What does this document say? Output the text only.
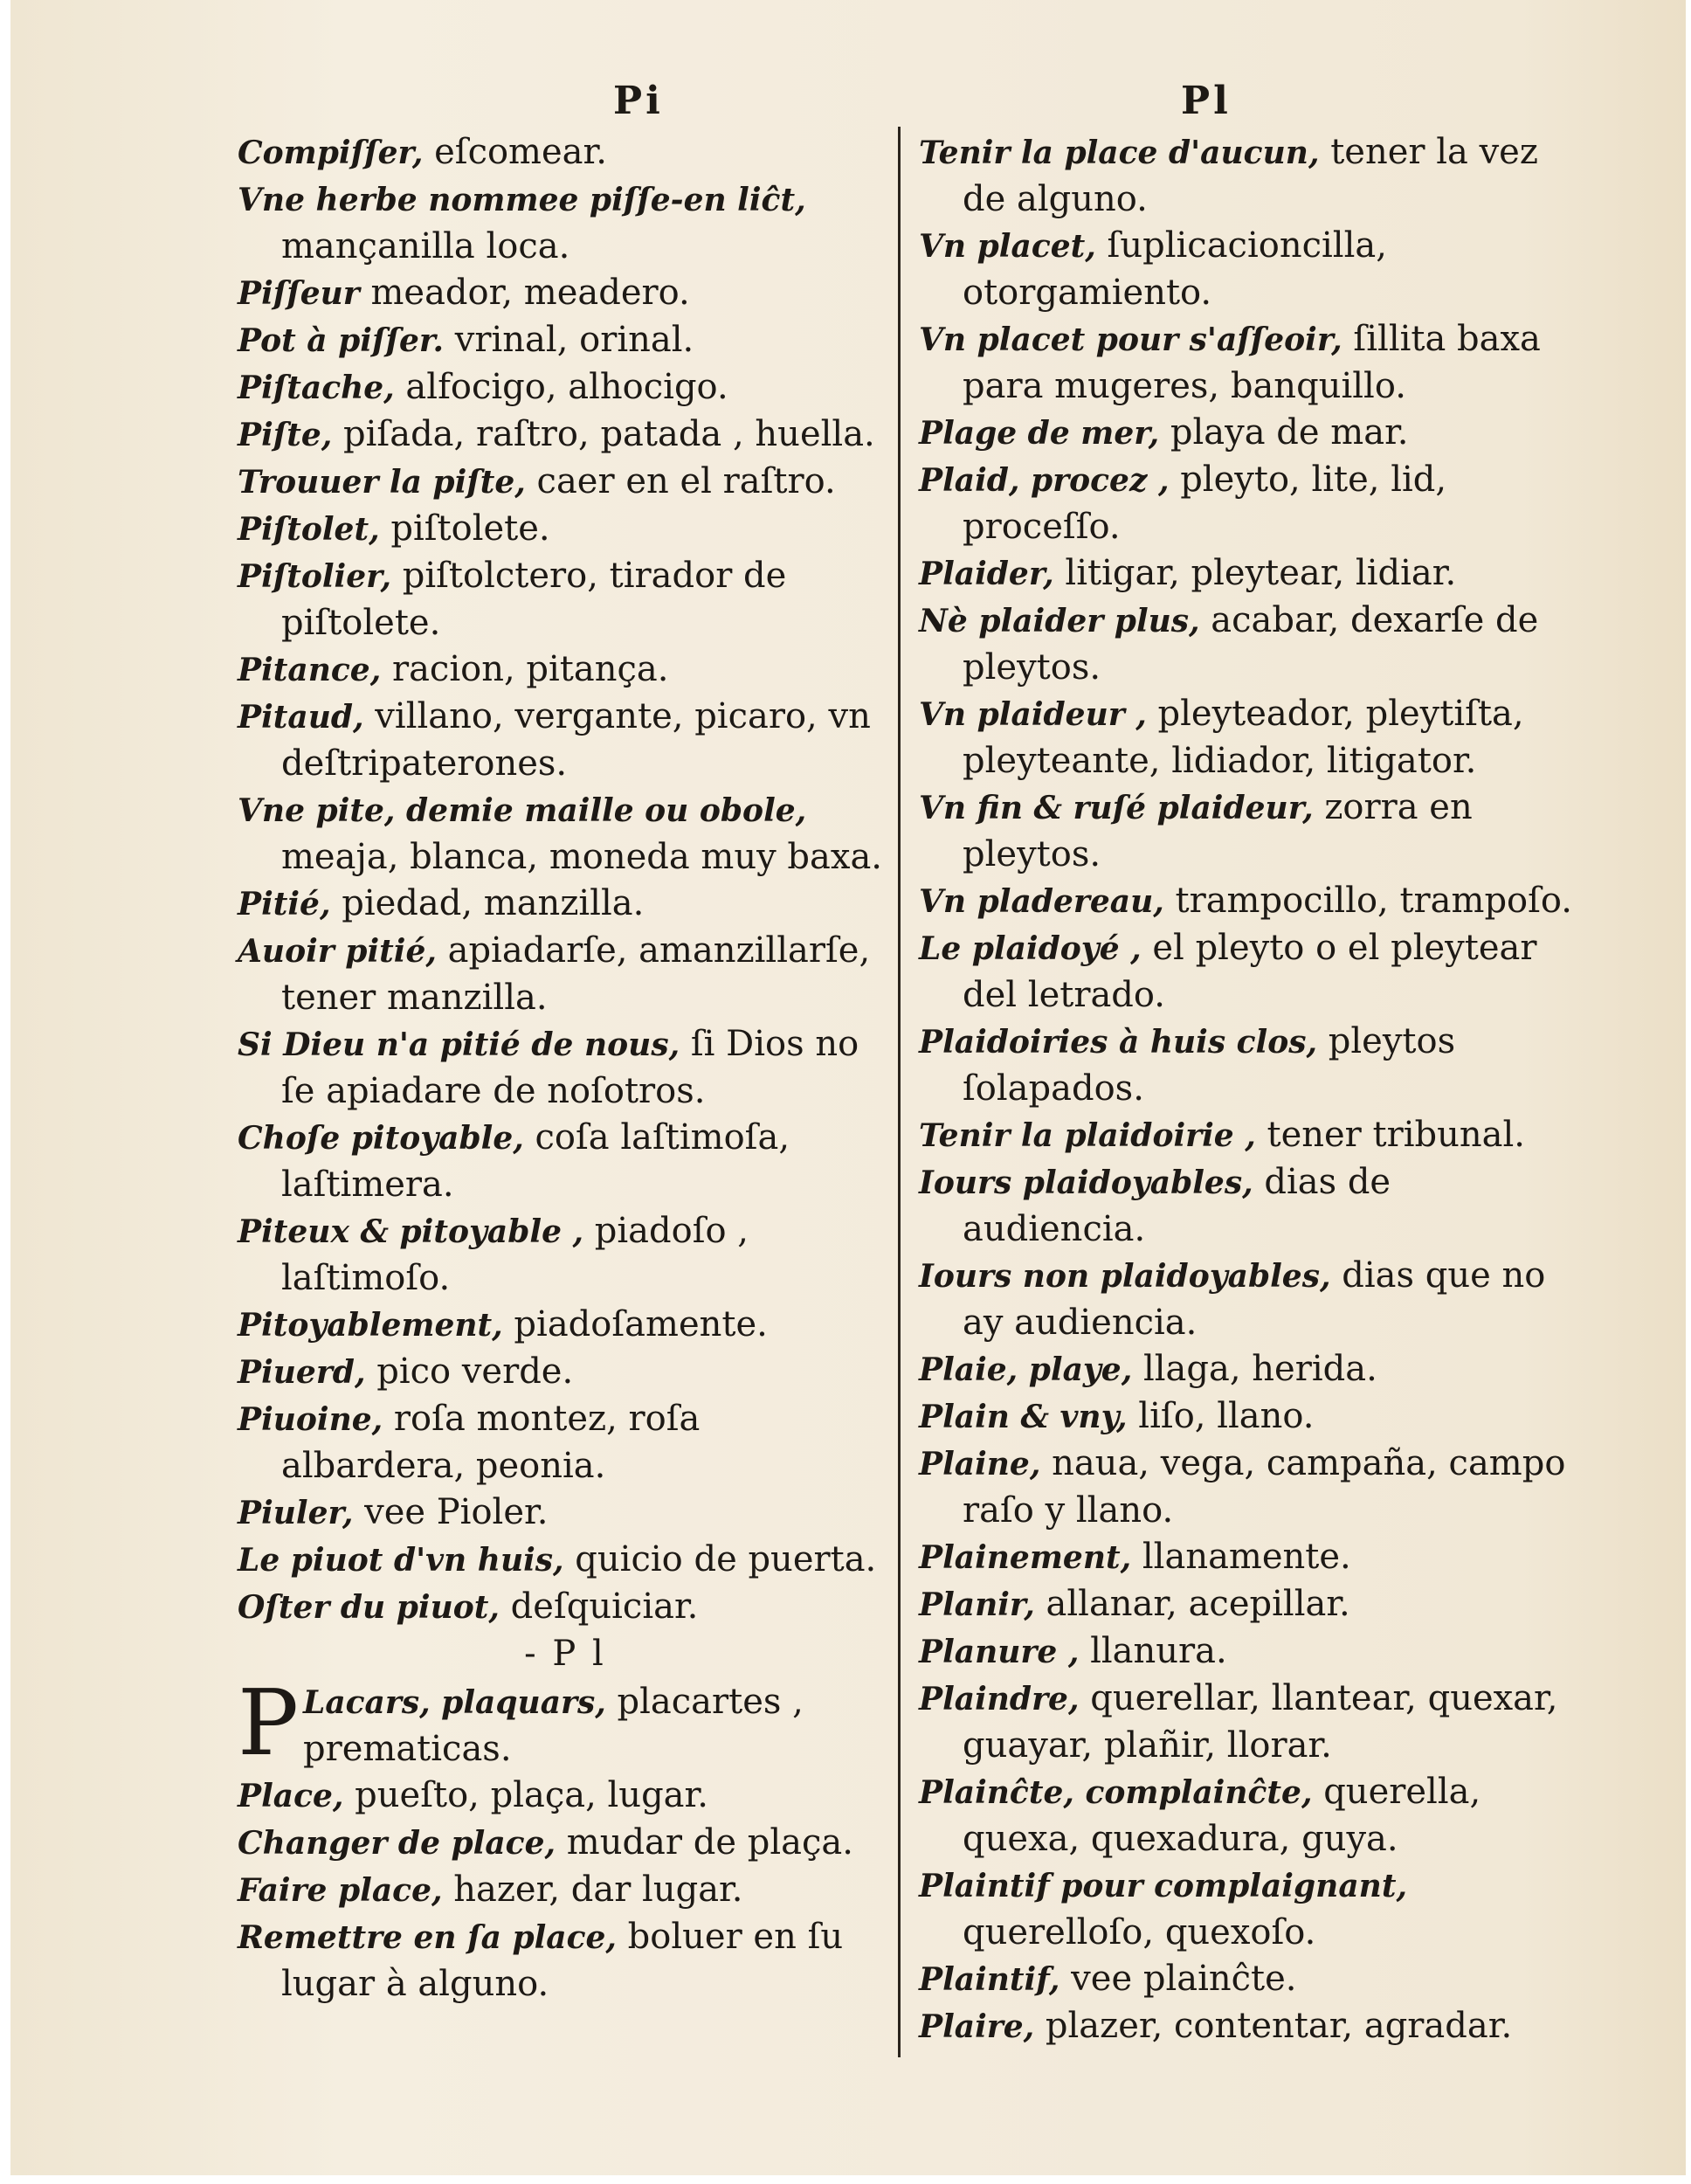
Pi	Pl

Compiſſer, eſcomear.

Vne herbe nommee piſſe-en liĉt, mançanilla loca.

Piſſeur meador, meadero.

Pot à piſſer. vrinal, orinal.

Piſtache, alfocigo, alhocigo.

Piſte, piſada, raſtro, patada , huella.

Trouuer la piſte, caer en el raſtro.

Piſtolet, piſtolete.

Piſtolier, piſtolctero, tirador de piſtolete.

Pitance, racion, pitança.

Pitaud, villano, vergante, picaro, vn deſtripaterones.

Vne pite, demie maille ou obole, meaja, blanca, moneda muy baxa.

Pitié, piedad, manzilla.

Auoir pitié, apiadarſe, amanzillarſe, tener manzilla.

Si Dieu n'a pitié de nous, ſi Dios no ſe apiadare de noſotros.

Choſe pitoyable, coſa laſtimoſa, laſtimera.

Piteux & pitoyable , piadoſo , laſtimoſo.

Pitoyablement, piadoſamente.

Piuerd, pico verde.

Piuoine, roſa montez, roſa albardera, peonia.

Piuler, vee Pioler.

Le piuot d'vn huis, quicio de puerta.

Oſter du piuot, deſquiciar.

- P l

P Lacars, plaquars, placartes , prematicas.

Place, pueſto, plaça, lugar.

Changer de place, mudar de plaça.

Faire place, hazer, dar lugar.

Remettre en ſa place, boluer en ſu lugar à alguno.

Tenir la place d'aucun, tener la vez de alguno.

Vn placet, ſuplicacioncilla, otorgamiento.

Vn placet pour s'aſſeoir, ſillita baxa para mugeres, banquillo.

Plage de mer, playa de mar.

Plaid, procez , pleyto, lite, lid, proceſſo.

Plaider, litigar, pleytear, lidiar.

Nè plaider plus, acabar, dexarſe de pleytos.

Vn plaideur , pleyteador, pleytiſta, pleyteante, lidiador, litigator.

Vn fin & ruſé plaideur, zorra en pleytos.

Vn pladereau, trampocillo, trampoſo.

Le plaidoyé , el pleyto o el pleytear del letrado.

Plaidoiries à huis clos, pleytos ſolapados.

Tenir la plaidoirie , tener tribunal.

Iours plaidoyables, dias de audiencia.

Iours non plaidoyables, dias que no ay audiencia.

Plaie, playe, llaga, herida.

Plain & vny, liſo, llano.

Plaine, naua, vega, campaña, campo raſo y llano.

Plainement, llanamente.

Planir, allanar, acepillar.

Planure , llanura.

Plaindre, querellar, llantear, quexar, guayar, plañir, llorar.

Plainĉte, complainĉte, querella, quexa, quexadura, guya.

Plaintif pour complaignant, querelloſo, quexoſo.

Plaintif, vee plainĉte.

Plaire, plazer, contentar, agradar.
